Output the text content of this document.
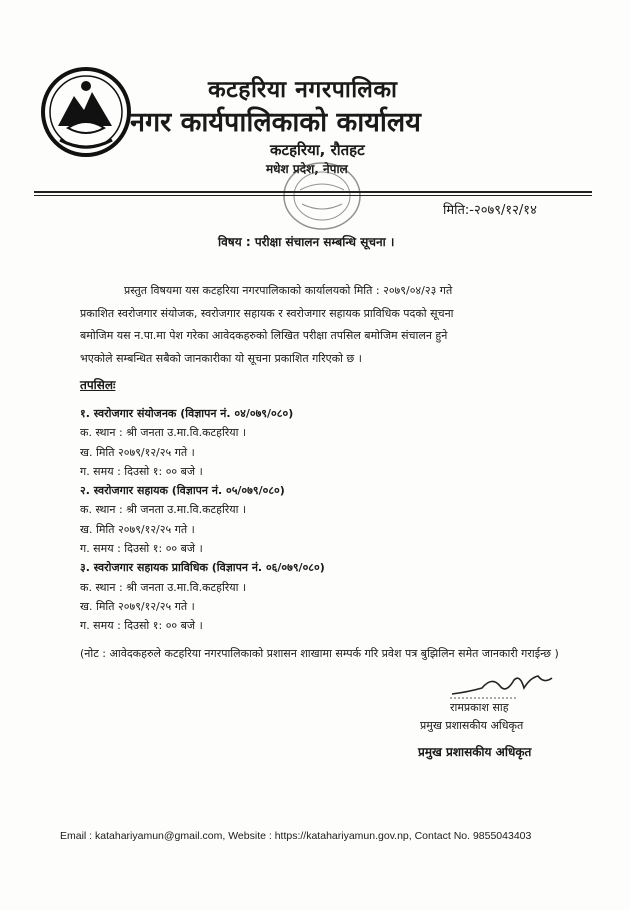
कटहरिया नगरपालिका
नगर कार्यपालिकाको कार्यालय
कटहरिया, रौतहट
मधेश प्रदेश, नेपाल
मिति:-२०७९/१२/१४
विषय : परीक्षा संचालन सम्बन्धि सूचना ।
प्रस्तुत विषयमा यस कटहरिया नगरपालिकाको कार्यालयको मिति : २०७९/०४/२३ गते
प्रकाशित स्वरोजगार संयोजक, स्वरोजगार सहायक र स्वरोजगार सहायक प्राविधिक पदको सूचना
बमोजिम यस न.पा.मा पेश गरेका आवेदकहरुको लिखित परीक्षा तपसिल बमोजिम संचालन हुने
भएकोले सम्बन्धित सबैको जानकारीका यो सूचना प्रकाशित गरिएको छ ।
तपसिलः
१. स्वरोजगार संयोजनक (विज्ञापन नं. ०४/०७९/०८०)
क. स्थान : श्री जनता उ.मा.वि.कटहरिया ।
ख. मिति २०७९/१२/२५ गते ।
ग. समय : दिउसो १: ०० बजे ।
२. स्वरोजगार सहायक (विज्ञापन नं. ०५/०७९/०८०)
क. स्थान : श्री जनता उ.मा.वि.कटहरिया ।
ख. मिति २०७९/१२/२५ गते ।
ग. समय : दिउसो १: ०० बजे ।
३. स्वरोजगार सहायक प्राविधिक (विज्ञापन नं. ०६/०७९/०८०)
क. स्थान : श्री जनता उ.मा.वि.कटहरिया ।
ख. मिति २०७९/१२/२५ गते ।
ग. समय : दिउसो १: ०० बजे ।
(नोट : आवेदकहरुले कटहरिया नगरपालिकाको प्रशासन शाखामा सम्पर्क गरि प्रवेश पत्र बुझिलिन समेत जानकारी गराईन्छ )
रामप्रकाश साह
प्रमुख प्रशासकीय अधिकृत
प्रमुख प्रशासकीय अधिकृत
Email : katahariyamun@gmail.com, Website : https://katahariyamun.gov.np, Contact No. 9855043403
